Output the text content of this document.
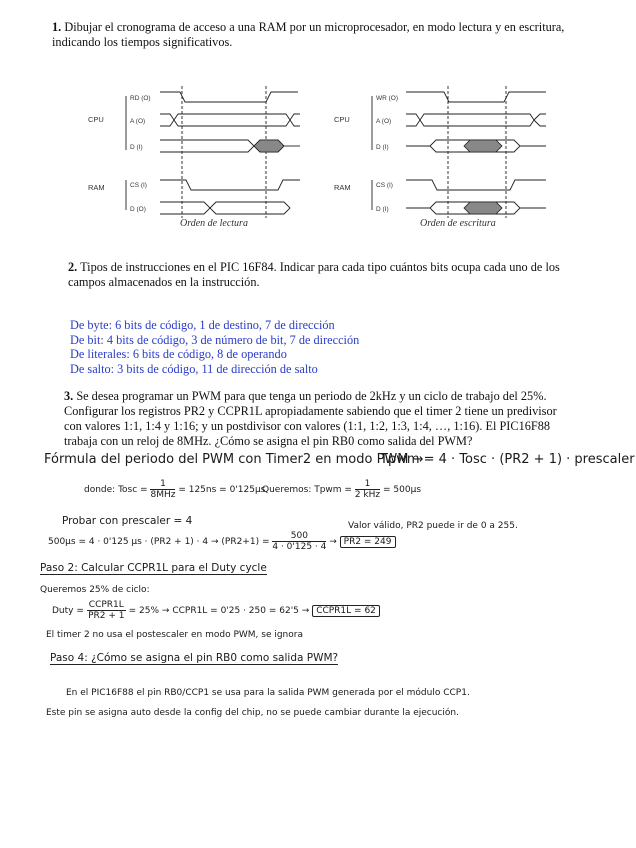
1. Dibujar el cronograma de acceso a una RAM por un microprocesador, en modo lectura y en escritura, indicando los tiempos significativos.
CPU
RAM
RD (O)
A (O)
D (I)
CS (I)
D (O)
Orden de lectura
CPU
RAM
WR (O)
A (O)
D (I)
CS (I)
D (I)
Orden de escritura
2. Tipos de instrucciones en el PIC 16F84. Indicar para cada tipo cuántos bits ocupa cada uno de los campos almacenados en la instrucción.
De byte: 6 bits de código, 1 de destino, 7 de dirección
De bit: 4 bits de código, 3 de número de bit, 7 de dirección
De literales: 6 bits de código, 8 de operando
De salto: 3 bits de código, 11 de dirección de salto
3. Se desea programar un PWM para que tenga un periodo de 2kHz y un ciclo de trabajo del 25%. Configurar los registros PR2 y CCPR1L apropiadamente sabiendo que el timer 2 tiene un predivisor con valores 1:1, 1:4 y 1:16; y un postdivisor con valores (1:1, 1:2, 1:3, 1:4, …, 1:16). El PIC16F88 trabaja con un reloj de 8MHz. ¿Cómo se asigna el pin RB0 como salida del PWM?
Fórmula del periodo del PWM con Timer2 en modo PWM →
Tpwm = 4 · Tosc · (PR2 + 1) · prescaler
donde: Tosc = $\frac{1}{\text{8MHz}} = 125ns = 0'125\mu s$
Queremos: Tpwm = $\frac{1}{\text{2 kHz}} = 500\mu s$
Probar con prescaler = 4
500μs = 4 · 0'125 $\mu s \cdot (PR2 + 1) \cdot 4 \to (PR2+1) = \frac{500}{4 \cdot 0'125 \cdot 4} \to PR2 = 249$
Valor válido, PR2 puede ir de 0 a 255.
Paso 2: Calcular CCPR1L para el Duty cycle
Queremos 25% de ciclo:
Duty = $\frac{\text{CCPR1L}}{PR2 + 1} = 25\%$ → CCPR1L = 0'25 · 250 = 62'5 → CCPR1L = 62
El timer 2 no usa el postescaler en modo PWM, se ignora
Paso 4: ¿Cómo se asigna el pin RB0 como salida PWM?
En el PIC16F88 el pin RB0/CCP1 se usa para la salida PWM generada por el módulo CCP1.
Este pin se asigna auto desde la config del chip, no se puede cambiar durante la ejecución.
